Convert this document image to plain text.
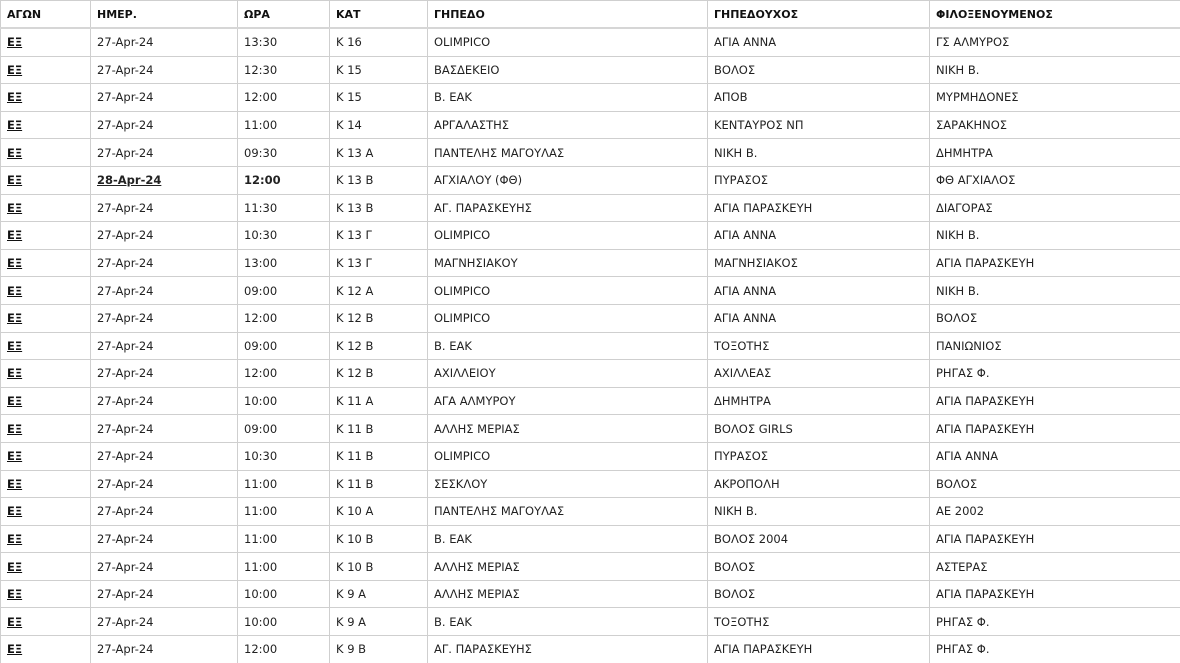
ΑΓΩΝ	ΗΜΕΡ.	ΩΡΑ	ΚΑΤ	ΓΗΠΕΔΟ	ΓΗΠΕΔΟΥΧΟΣ	ΦΙΛΟΞΕΝΟΥΜΕΝΟΣ
ΕΞ	27-Apr-24	13:30	Κ 16	OLIMPICO	ΑΓΙΑ ΑΝΝΑ	ΓΣ ΑΛΜΥΡΟΣ
ΕΞ	27-Apr-24	12:30	Κ 15	ΒΑΣΔΕΚΕΙΟ	ΒΟΛΟΣ	ΝΙΚΗ Β.
ΕΞ	27-Apr-24	12:00	Κ 15	Β. ΕΑΚ	ΑΠΟΒ	ΜΥΡΜΗΔΟΝΕΣ
ΕΞ	27-Apr-24	11:00	Κ 14	ΑΡΓΑΛΑΣΤΗΣ	ΚΕΝΤΑΥΡΟΣ ΝΠ	ΣΑΡΑΚΗΝΟΣ
ΕΞ	27-Apr-24	09:30	Κ 13 Α	ΠΑΝΤΕΛΗΣ ΜΑΓΟΥΛΑΣ	ΝΙΚΗ Β.	ΔΗΜΗΤΡΑ
ΕΞ	28-Apr-24	12:00	Κ 13 Β	ΑΓΧΙΑΛΟΥ (ΦΘ)	ΠΥΡΑΣΟΣ	ΦΘ ΑΓΧΙΑΛΟΣ
ΕΞ	27-Apr-24	11:30	Κ 13 Β	ΑΓ. ΠΑΡΑΣΚΕΥΗΣ	ΑΓΙΑ ΠΑΡΑΣΚΕΥΗ	ΔΙΑΓΟΡΑΣ
ΕΞ	27-Apr-24	10:30	Κ 13 Γ	OLIMPICO	ΑΓΙΑ ΑΝΝΑ	ΝΙΚΗ Β.
ΕΞ	27-Apr-24	13:00	Κ 13 Γ	ΜΑΓΝΗΣΙΑΚΟΥ	ΜΑΓΝΗΣΙΑΚΟΣ	ΑΓΙΑ ΠΑΡΑΣΚΕΥΗ
ΕΞ	27-Apr-24	09:00	Κ 12 Α	OLIMPICO	ΑΓΙΑ ΑΝΝΑ	ΝΙΚΗ Β.
ΕΞ	27-Apr-24	12:00	Κ 12 Β	OLIMPICO	ΑΓΙΑ ΑΝΝΑ	ΒΟΛΟΣ
ΕΞ	27-Apr-24	09:00	Κ 12 Β	Β. ΕΑΚ	ΤΟΞΟΤΗΣ	ΠΑΝΙΩΝΙΟΣ
ΕΞ	27-Apr-24	12:00	Κ 12 Β	ΑΧΙΛΛΕΙΟΥ	ΑΧΙΛΛΕΑΣ	ΡΗΓΑΣ Φ.
ΕΞ	27-Apr-24	10:00	Κ 11 Α	ΑΓΑ ΑΛΜΥΡΟΥ	ΔΗΜΗΤΡΑ	ΑΓΙΑ ΠΑΡΑΣΚΕΥΗ
ΕΞ	27-Apr-24	09:00	Κ 11 Β	ΑΛΛΗΣ ΜΕΡΙΑΣ	ΒΟΛΟΣ GIRLS	ΑΓΙΑ ΠΑΡΑΣΚΕΥΗ
ΕΞ	27-Apr-24	10:30	Κ 11 Β	OLIMPICO	ΠΥΡΑΣΟΣ	ΑΓΙΑ ΑΝΝΑ
ΕΞ	27-Apr-24	11:00	Κ 11 Β	ΣΕΣΚΛΟΥ	ΑΚΡΟΠΟΛΗ	ΒΟΛΟΣ
ΕΞ	27-Apr-24	11:00	Κ 10 Α	ΠΑΝΤΕΛΗΣ ΜΑΓΟΥΛΑΣ	ΝΙΚΗ Β.	ΑΕ 2002
ΕΞ	27-Apr-24	11:00	Κ 10 Β	Β. ΕΑΚ	ΒΟΛΟΣ 2004	ΑΓΙΑ ΠΑΡΑΣΚΕΥΗ
ΕΞ	27-Apr-24	11:00	Κ 10 Β	ΑΛΛΗΣ ΜΕΡΙΑΣ	ΒΟΛΟΣ	ΑΣΤΕΡΑΣ
ΕΞ	27-Apr-24	10:00	Κ 9 Α	ΑΛΛΗΣ ΜΕΡΙΑΣ	ΒΟΛΟΣ	ΑΓΙΑ ΠΑΡΑΣΚΕΥΗ
ΕΞ	27-Apr-24	10:00	Κ 9 Α	Β. ΕΑΚ	ΤΟΞΟΤΗΣ	ΡΗΓΑΣ Φ.
ΕΞ	27-Apr-24	12:00	Κ 9 Β	ΑΓ. ΠΑΡΑΣΚΕΥΗΣ	ΑΓΙΑ ΠΑΡΑΣΚΕΥΗ	ΡΗΓΑΣ Φ.
